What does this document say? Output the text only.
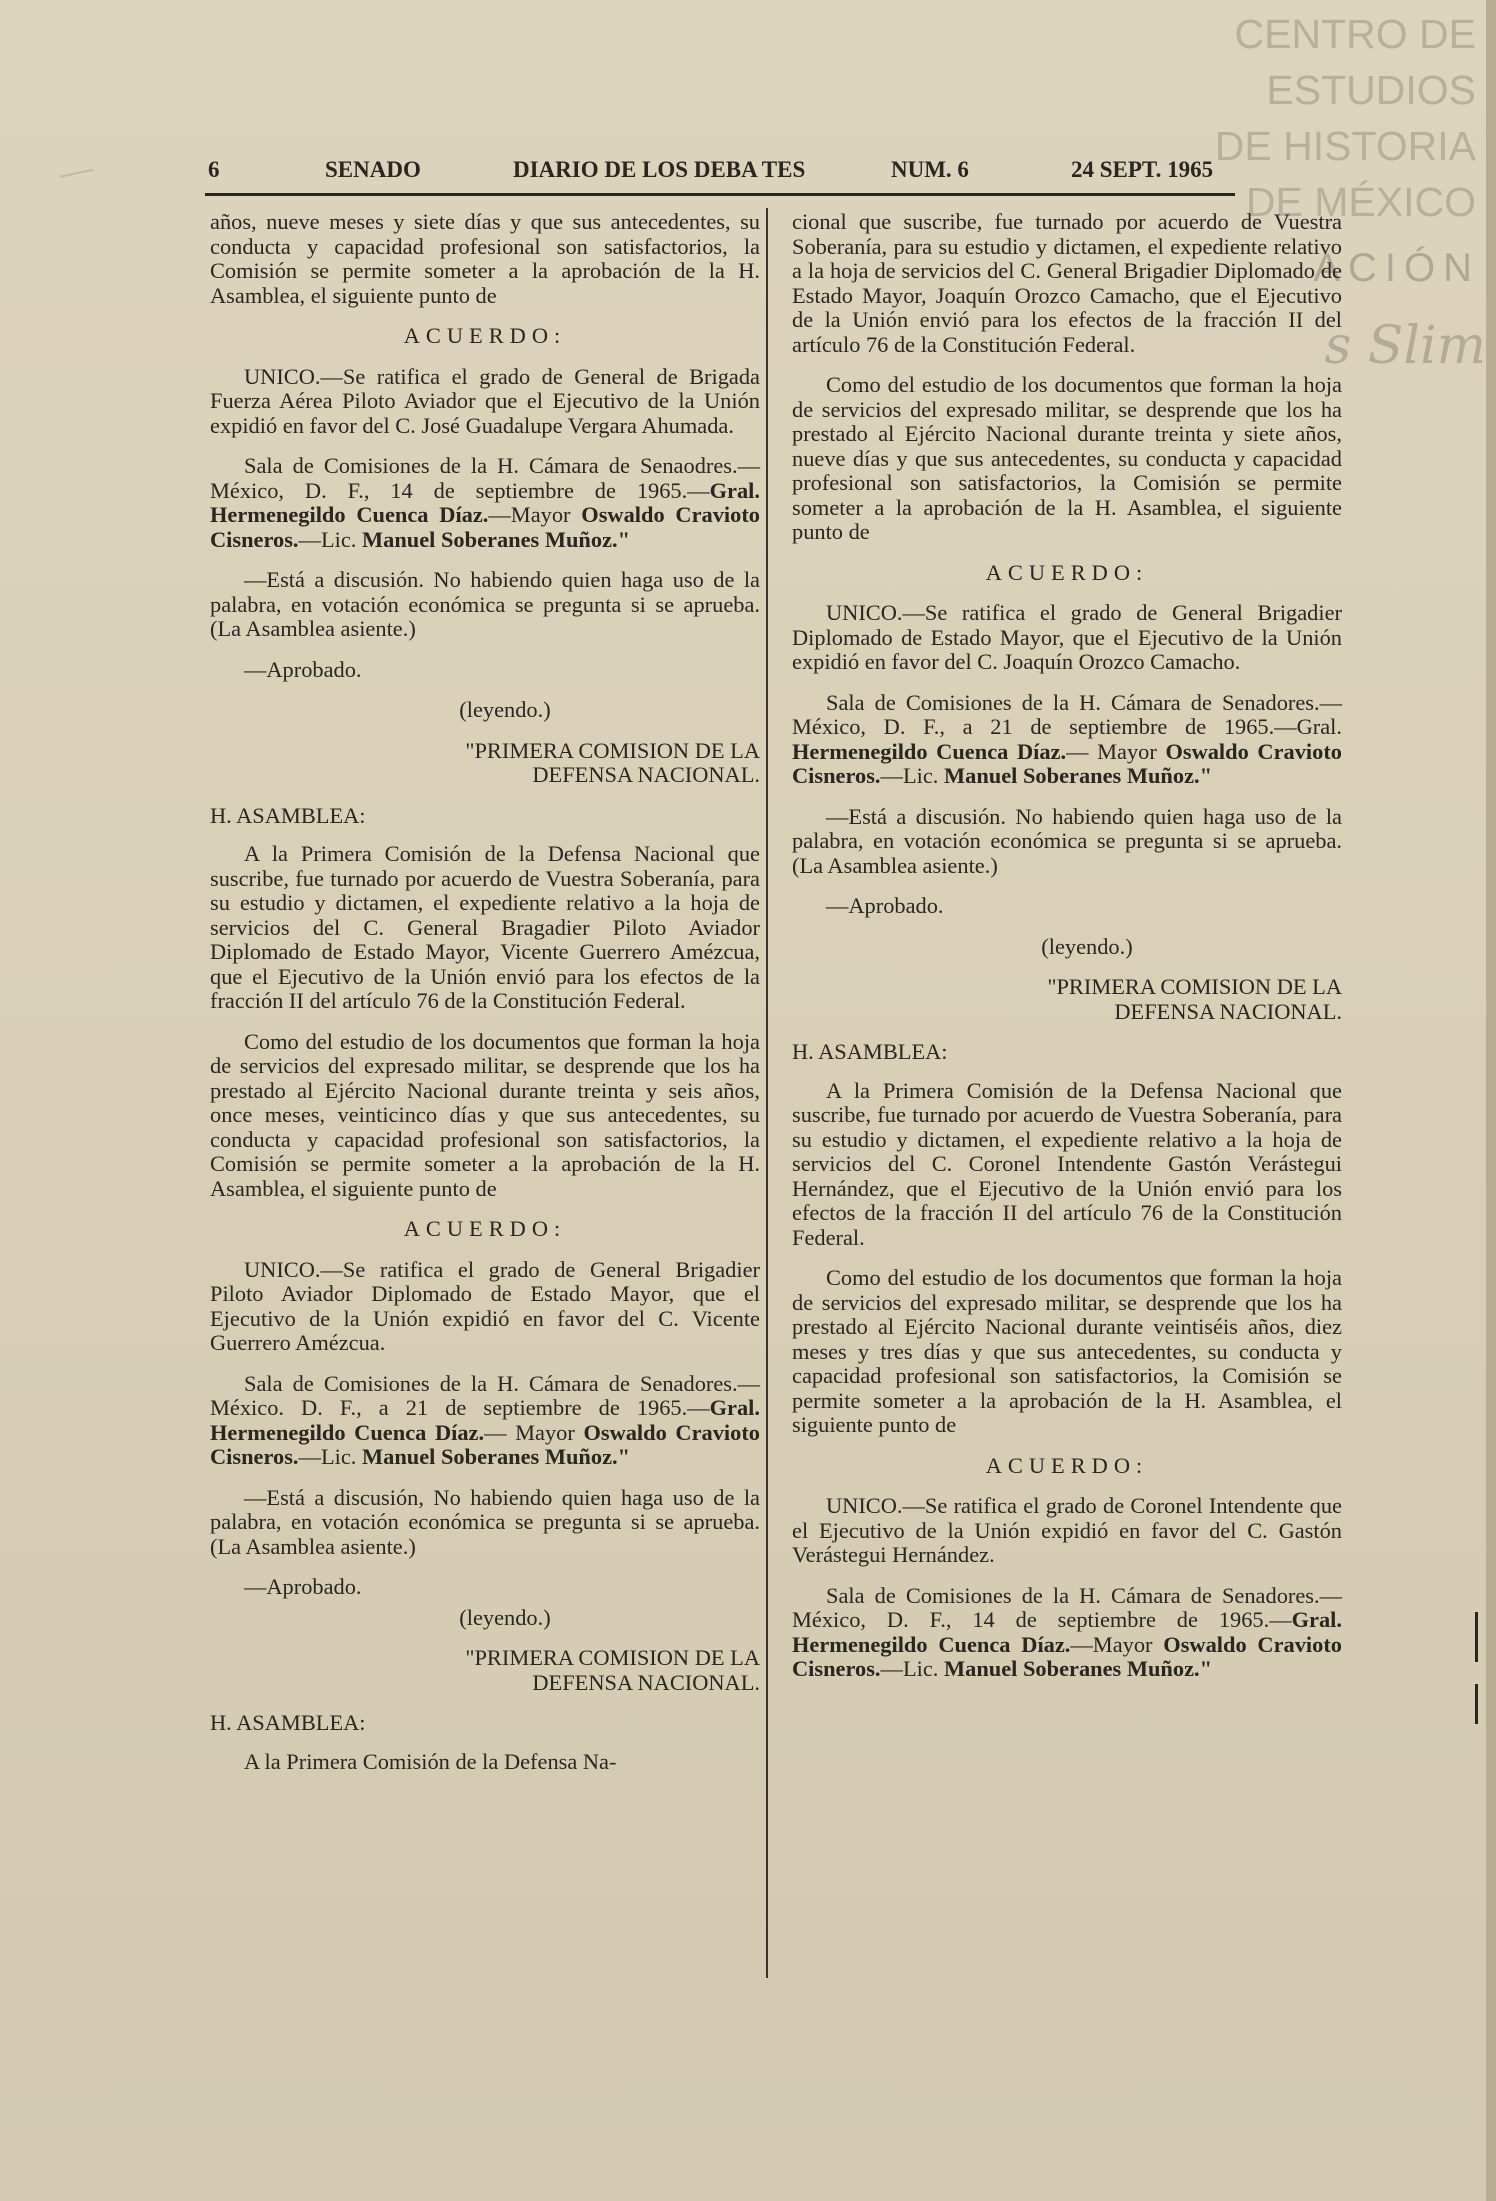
CENTRO DE
ESTUDIOS
DE HISTORIA
DE MÉXICO
ACIÓN
s Slim
6	SENADO	DIARIO DE LOS DEBA TES	NUM. 6	24 SEPT. 1965

años, nueve meses y siete días y que sus antecedentes, su conducta y capacidad profesional son satisfactorios, la Comisión se permite someter a la aprobación de la H. Asamblea, el siguiente punto de

ACUERDO:

UNICO.—Se ratifica el grado de General de Brigada Fuerza Aérea Piloto Aviador que el Ejecutivo de la Unión expidió en favor del C. José Guadalupe Vergara Ahumada.

Sala de Comisiones de la H. Cámara de Senaodres.—México, D. F., 14 de septiembre de 1965.—Gral. Hermenegildo Cuenca Díaz.—Mayor Oswaldo Cravioto Cisneros.—Lic. Manuel Soberanes Muñoz."

—Está a discusión. No habiendo quien haga uso de la palabra, en votación económica se pregunta si se aprueba. (La Asamblea asiente.)

—Aprobado.

(leyendo.)

"PRIMERA COMISION DE LA
DEFENSA NACIONAL.

H. ASAMBLEA:

A la Primera Comisión de la Defensa Nacional que suscribe, fue turnado por acuerdo de Vuestra Soberanía, para su estudio y dictamen, el expediente relativo a la hoja de servicios del C. General Bragadier Piloto Aviador Diplomado de Estado Mayor, Vicente Guerrero Amézcua, que el Ejecutivo de la Unión envió para los efectos de la fracción II del artículo 76 de la Constitución Federal.

Como del estudio de los documentos que forman la hoja de servicios del expresado militar, se desprende que los ha prestado al Ejército Nacional durante treinta y seis años, once meses, veinticinco días y que sus antecedentes, su conducta y capacidad profesional son satisfactorios, la Comisión se permite someter a la aprobación de la H. Asamblea, el siguiente punto de

ACUERDO:

UNICO.—Se ratifica el grado de General Brigadier Piloto Aviador Diplomado de Estado Mayor, que el Ejecutivo de la Unión expidió en favor del C. Vicente Guerrero Amézcua.

Sala de Comisiones de la H. Cámara de Senadores.—México. D. F., a 21 de septiembre de 1965.—Gral. Hermenegildo Cuenca Díaz.— Mayor Oswaldo Cravioto Cisneros.—Lic. Manuel Soberanes Muñoz."

—Está a discusión, No habiendo quien haga uso de la palabra, en votación económica se pregunta si se aprueba. (La Asamblea asiente.)

—Aprobado.

(leyendo.)

"PRIMERA COMISION DE LA
DEFENSA NACIONAL.

H. ASAMBLEA:

A la Primera Comisión de la Defensa Na-

cional que suscribe, fue turnado por acuerdo de Vuestra Soberanía, para su estudio y dictamen, el expediente relativo a la hoja de servicios del C. General Brigadier Diplomado de Estado Mayor, Joaquín Orozco Camacho, que el Ejecutivo de la Unión envió para los efectos de la fracción II del artículo 76 de la Constitución Federal.

Como del estudio de los documentos que forman la hoja de servicios del expresado militar, se desprende que los ha prestado al Ejército Nacional durante treinta y siete años, nueve días y que sus antecedentes, su conducta y capacidad profesional son satisfactorios, la Comisión se permite someter a la aprobación de la H. Asamblea, el siguiente punto de

ACUERDO:

UNICO.—Se ratifica el grado de General Brigadier Diplomado de Estado Mayor, que el Ejecutivo de la Unión expidió en favor del C. Joaquín Orozco Camacho.

Sala de Comisiones de la H. Cámara de Senadores.—México, D. F., a 21 de septiembre de 1965.—Gral. Hermenegildo Cuenca Díaz.— Mayor Oswaldo Cravioto Cisneros.—Lic. Manuel Soberanes Muñoz."

—Está a discusión. No habiendo quien haga uso de la palabra, en votación económica se pregunta si se aprueba. (La Asamblea asiente.)

—Aprobado.

(leyendo.)

"PRIMERA COMISION DE LA
DEFENSA NACIONAL.

H. ASAMBLEA:

A la Primera Comisión de la Defensa Nacional que suscribe, fue turnado por acuerdo de Vuestra Soberanía, para su estudio y dictamen, el expediente relativo a la hoja de servicios del C. Coronel Intendente Gastón Verástegui Hernández, que el Ejecutivo de la Unión envió para los efectos de la fracción II del artículo 76 de la Constitución Federal.

Como del estudio de los documentos que forman la hoja de servicios del expresado militar, se desprende que los ha prestado al Ejército Nacional durante veintiséis años, diez meses y tres días y que sus antecedentes, su conducta y capacidad profesional son satisfactorios, la Comisión se permite someter a la aprobación de la H. Asamblea, el siguiente punto de

ACUERDO:

UNICO.—Se ratifica el grado de Coronel Intendente que el Ejecutivo de la Unión expidió en favor del C. Gastón Verástegui Hernández.

Sala de Comisiones de la H. Cámara de Senadores.—México, D. F., 14 de septiembre de 1965.—Gral. Hermenegildo Cuenca Díaz.—Mayor Oswaldo Cravioto Cisneros.—Lic. Manuel Soberanes Muñoz."
